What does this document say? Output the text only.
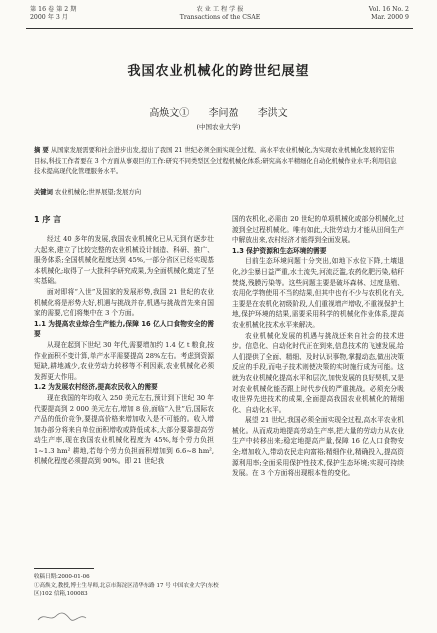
第 16 卷 第 2 期
2000 年 3 月
农 业 工 程 学 报
Transactions of the CSAE
Vol. 16 No. 2
Mar. 2000 9
我国农业机械化的跨世纪展望
高焕文① 李问盈 李洪文
(中国农业大学)
摘 要 从国家发展需要和社会进步出发,提出了我国 21 世纪必须全面实现全过程、高水平农业机械化,为实现农业机械化发展的宏伟目标,科技工作者要在 3 个方面从事艰巨的工作:研究不同类型区全过程机械化体系;研究高水平精细化自动化机械作业水平;利用信息技术提高现代化管理服务水平。
关键词 农业机械化;世界展望;发展方向
1 序 言

经过 40 多年的发展,我国农业机械化已从无到有逐步壮大起来,建立了比较完整的农业机械设计制造、科研、推广、服务体系;全国机械化程度达到 45%,一部分省区已经实现基本机械化;取得了一大批科学研究成果,为全面机械化奠定了坚实基础。

面对即将“入世”及国家的发展形势,我国 21 世纪的农业机械化将是形势大好,机遇与挑战并存,机遇与挑战首先来自国家的需要,它们将集中在 3 个方面。

1.1 为提高农业综合生产能力,保障 16 亿人口食物安全的需要

从现在起到下世纪 30 年代,需要增加约 1.4 亿 t 粮食,按作业面积不变计算,单产水平需要提高 28%左右。考虑到资源短缺,耕地减少,农业劳动力转移等不利因素,农业机械化必须发挥更大作用。

1.2 为发展农村经济,提高农民收入的需要

现在我国的年均收入 250 美元左右,预计到下世纪 30 年代要提高到 2 000 美元左右,增加 8 倍,面临“入世”后,国际农产品的低价竞争,要提高价格来增加收入是不可能的。收入增加办部分将来自单位面积增收或降低成本,大部分要靠提高劳动生产率,现在我国农业机械化程度为 45%,每个劳力负担 1~1.3 hm² 耕地,若每个劳力负担面积增加到 6.6~8 hm²,机械化程度必须提高到 90%。即 21 世纪我

国的农机化,必需由 20 世纪的单项机械化或部分机械化,过渡到全过程机械化。唯有如此,大批劳动力才能从田间生产中解放出来,农村经济才能得到全面发展。

1.3 保护资源和生态环境的需要

目前生态环境问题十分突出,如地下水位下降,土壤退化,沙尘暴日益严重,水土流失,河流泛滥,农药化肥污染,秸秆焚烧,残膜污染等。这些问题主要是破坏森林、过度垦殖、农用化学物使用不当的结果,但其中也有不少与农机化有关,主要是在农机化初级阶段,人们重视增产增收,不重视保护土地,保护环境的结果,需要采用科学的机械化作业体系,提高农业机械化技术水平来解决。

农业机械化发展的机遇与挑战还来自社会的技术进步。信息化、自动化时代正在到来,信息技术的飞速发展,给人们提供了全面、精细、及时认识事物,掌握动态,做出决策反应的手段,而电子技术则使决策的实时施行成为可能。这就为农业机械化提高水平和层次,加快发展的良好契机,又是对农业机械化能否跟上时代步伐的严重挑战。必须充分吸收世界先进技术的成果,全面提高我国农业机械化的精细化、自动化水平。

展望 21 世纪,我国必须全面实现全过程,高水平农业机械化。从而成功地提高劳动生产率,把大量的劳动力从农业生产中转移出来;稳定地提高产量,保障 16 亿人口食物安全;增加收入,带动农民走向富裕;精细作业,精确投入,提高资源利用率;全面采用保护性技术,保护生态环境;实现可持续发展。在 3 个方面将出现根本性的变化。

收稿日期:2000-01-06
①高焕文,教授,博士生导师,北京市海淀区清华东路 17 号 中国农业大学(东校区)102 信箱,100083
